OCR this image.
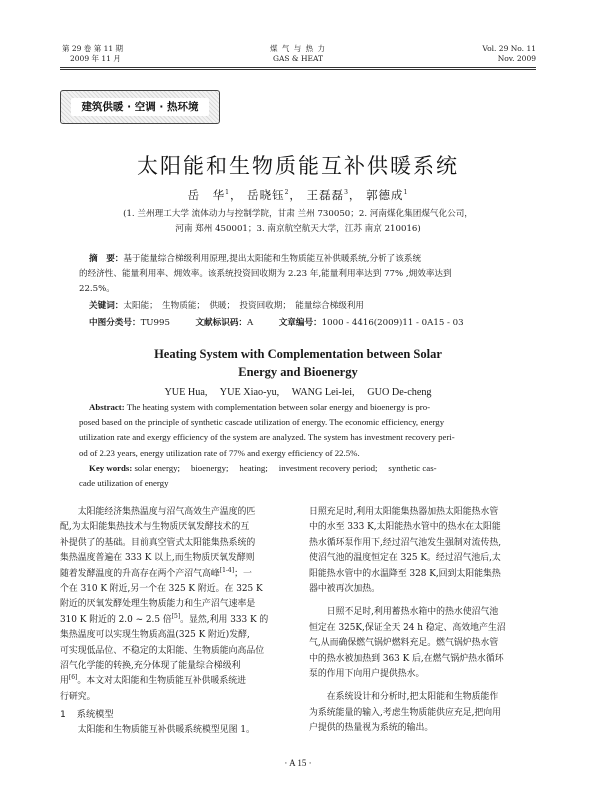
第 29 卷 第 11 期
2009 年 11 月
煤 气 与 热 力
GAS & HEAT
Vol. 29 No. 11
Nov. 2009
建筑供暖 · 空调 · 热环境
太阳能和生物质能互补供暖系统
岳　华$^1$， 岳晓钰$^2$， 王磊磊$^3$， 郭德成$^1$
(1. 兰州理工大学 流体动力与控制学院，甘肃 兰州 730050；2. 河南煤化集团煤气化公司，
河南 郑州 450001；3. 南京航空航天大学，江苏 南京 210016)
摘　要：基于能量综合梯级利用原理,提出太阳能和生物质能互补供暖系统,分析了该系统
的经济性、能量利用率、㶲效率。该系统投资回收期为 2.23 年,能量利用率达到 77% ,㶲效率达到
22.5%。
关键词：太阳能；　生物质能；　供暖；　投资回收期；　能量综合梯级利用
中图分类号：TU995	文献标识码：A	文章编号：1000 - 4416(2009)11 - 0A15 - 03
Heating System with Complementation between Solar
Energy and Bioenergy
YUE Hua,　 YUE Xiao-yu,　 WANG Lei-lei,　 GUO De-cheng
Abstract: The heating system with complementation between solar energy and bioenergy is pro-
posed based on the principle of synthetic cascade utilization of energy. The economic efficiency, energy
utilization rate and exergy efficiency of the system are analyzed. The system has investment recovery peri-
od of 2.23 years, energy utilization rate of 77% and exergy efficiency of 22.5%.
Key words: solar energy;　 bioenergy;　 heating;　 investment recovery period;　 synthetic cas-
cade utilization of energy
太阳能经济集热温度与沼气高效生产温度的匹
配,为太阳能集热技术与生物质厌氧发酵技术的互
补提供了的基础。目前真空管式太阳能集热系统的
集热温度普遍在 333 K 以上,而生物质厌氧发酵则
随着发酵温度的升高存在两个产沼气高峰[1-4]；一
个在 310 K 附近,另一个在 325 K 附近。在 325 K
附近的厌氧发酵处理生物质能力和生产沼气速率是
310 K 附近的 2.0 ~ 2.5 倍[5]。显然,利用 333 K 的
集热温度可以实现生物质高温(325 K 附近)发酵,
可实现低品位、不稳定的太阳能、生物质能向高品位
沼气化学能的转换,充分体现了能量综合梯级利
用[6]。本文对太阳能和生物质能互补供暖系统进
行研究。
1 系统模型
太阳能和生物质能互补供暖系统模型见图 1。
日照充足时,利用太阳能集热器加热太阳能热水管
中的水至 333 K,太阳能热水管中的热水在太阳能
热水循环泵作用下,经过沼气池发生强制对流传热,
使沼气池的温度恒定在 325 K。经过沼气池后,太
阳能热水管中的水温降至 328 K,回到太阳能集热
器中被再次加热。
日照不足时,利用蓄热水箱中的热水使沼气池
恒定在 325K,保证全天 24 h 稳定、高效地产生沼
气,从而确保燃气锅炉燃料充足。燃气锅炉热水管
中的热水被加热到 363 K 后,在燃气锅炉热水循环
泵的作用下向用户提供热水。
在系统设计和分析时,把太阳能和生物质能作
为系统能量的输入,考虑生物质能供应充足,把向用
户提供的热量视为系统的输出。
· A 15 ·
